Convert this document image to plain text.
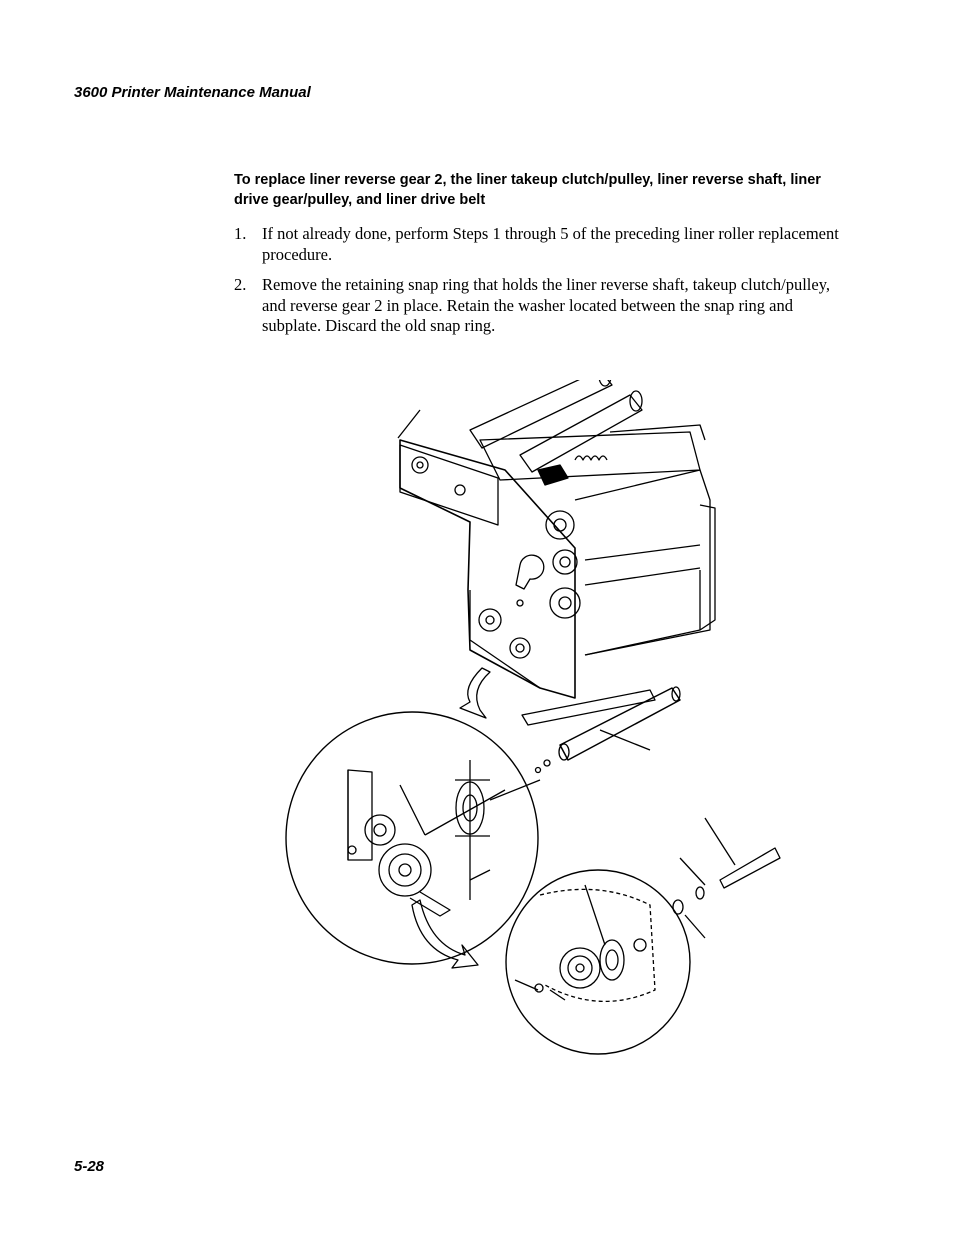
3600 Printer Maintenance Manual
To replace liner reverse gear 2, the liner takeup clutch/pulley, liner reverse shaft, liner drive gear/pulley, and liner drive belt
1. If not already done, perform Steps 1 through 5 of the preceding liner roller replacement procedure.
2. Remove the retaining snap ring that holds the liner reverse shaft, takeup clutch/pulley, and reverse gear 2 in place. Retain the washer located between the snap ring and subplate. Discard the old snap ring.
5-28
